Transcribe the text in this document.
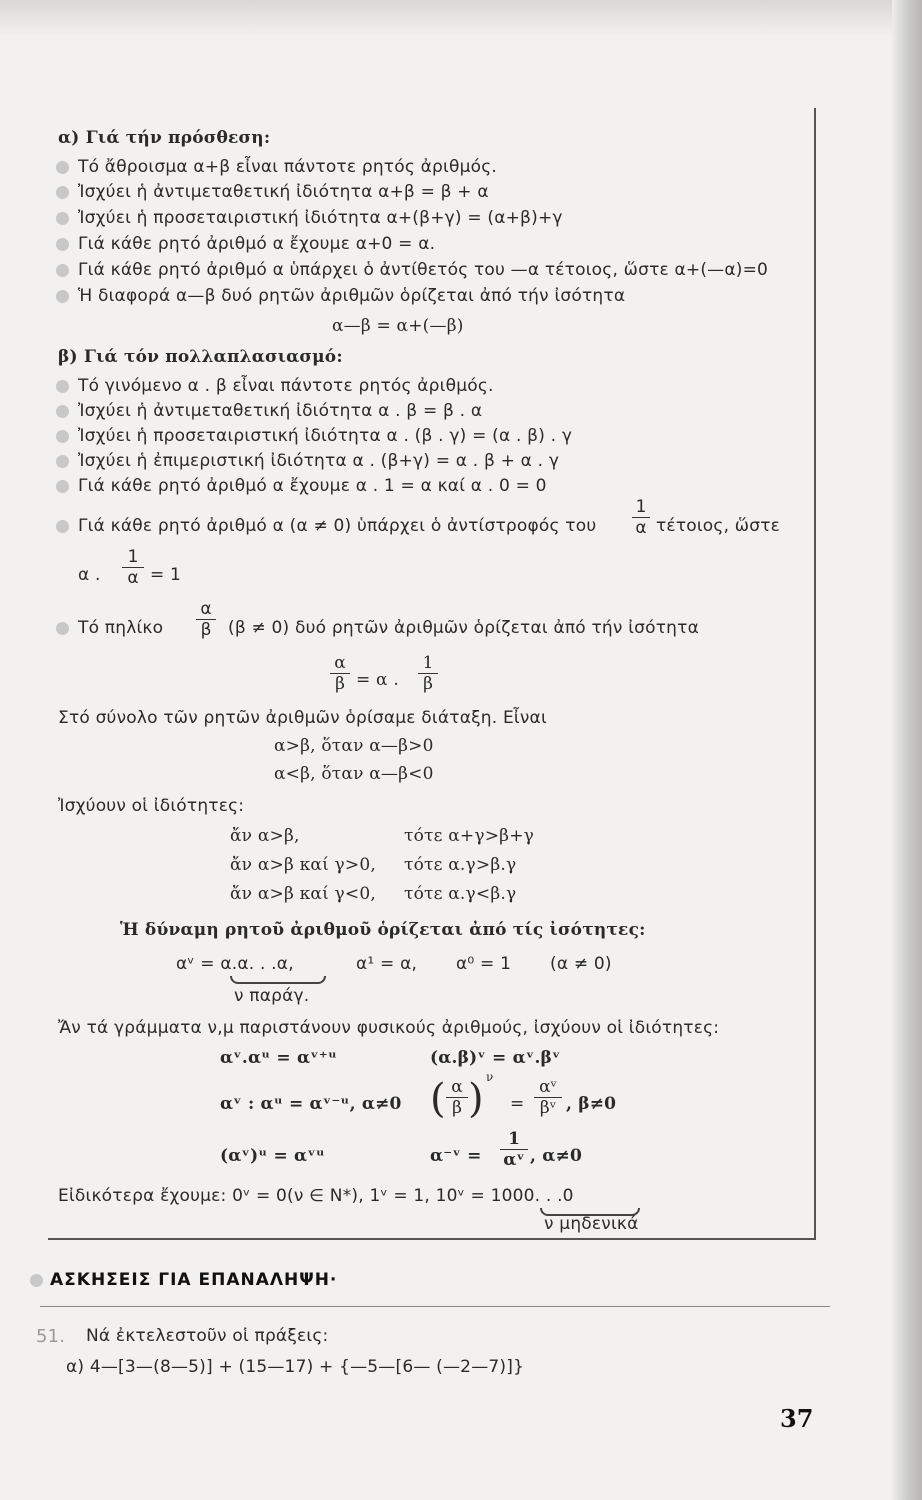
α) Γιά τήν πρόσθεση:
Τό ἄθροισμα α+β εἶναι πάντοτε ρητός ἀριθμός.
Ἰσχύει ἡ ἀντιμεταθετική ἰδιότητα α+β = β + α
Ἰσχύει ἡ προσεταιριστική ἰδιότητα α+(β+γ) = (α+β)+γ
Γιά κάθε ρητό ἀριθμό α ἔχουμε α+0 = α.
Γιά κάθε ρητό ἀριθμό α ὑπάρχει ὁ ἀντίθετός του —α τέτοιος, ὥστε α+(—α)=0
Ἡ διαφορά α—β δυό ρητῶν ἀριθμῶν ὁρίζεται ἀπό τήν ἰσότητα
α—β = α+(—β)
β) Γιά τόν πολλαπλασιασμό:
Τό γινόμενο α . β εἶναι πάντοτε ρητός ἀριθμός.
Ἰσχύει ἡ ἀντιμεταθετική ἰδιότητα α . β = β . α
Ἰσχύει ἡ προσεταιριστική ἰδιότητα α . (β . γ) = (α . β) . γ
Ἰσχύει ἡ ἐπιμεριστική ἰδιότητα α . (β+γ) = α . β + α . γ
Γιά κάθε ρητό ἀριθμό α ἔχουμε α . 1 = α καί α . 0 = 0
Γιά κάθε ρητό ἀριθμό α (α ≠ 0) ὑπάρχει ὁ ἀντίστροφός του
1
α τέτοιος, ὥστε
α .
1
α = 1
Τό πηλίκο
α
β (β ≠ 0) δυό ρητῶν ἀριθμῶν ὁρίζεται ἀπό τήν ἰσότητα
α
β = α .
1
β
Στό σύνολο τῶν ρητῶν ἀριθμῶν ὁρίσαμε διάταξη. Εἶναι
α>β, ὅταν α—β>0
α<β, ὅταν α—β<0
Ἰσχύουν οἱ ἰδιότητες:
ἄν α>β,	τότε α+γ>β+γ
ἄν α>β καί γ>0, τότε α.γ>β.γ
ἄν α>β καί γ<0, τότε α.γ<β.γ
Ἡ δύναμη ρητοῦ ἀριθμοῦ ὁρίζεται ἀπό τίς ἰσότητες:
αᵛ = α.α. . .α,
ν παράγ.
α¹ = α, α⁰ = 1 (α ≠ 0)
Ἄν τά γράμματα ν,μ παριστάνουν φυσικούς ἀριθμούς, ἰσχύουν οἱ ἰδιότητες:
αᵛ.αᵘ = αᵛ⁺ᵘ	(α.β)ᵛ = αᵛ.βᵛ
αᵛ : αᵘ = αᵛ⁻ᵘ, α≠0 ( α
β ) ν
=
αᵛ
βᵛ , β≠0
(αᵛ)ᵘ = αᵛᵘ	α⁻ᵛ =
1
αᵛ , α≠0
Εἰδικότερα ἔχουμε: 0ᵛ = 0(ν ∈ N*), 1ᵛ = 1, 10ᵛ = 1000. . .0
ν μηδενικά
ΑΣΚΗΣΕΙΣ ΓΙΑ ΕΠΑΝΑΛΗΨΗ·
51. Νά ἐκτελεστοῦν οἱ πράξεις:
α) 4—[3—(8—5)] + (15—17) + {—5—[6— (—2—7)]}
37
